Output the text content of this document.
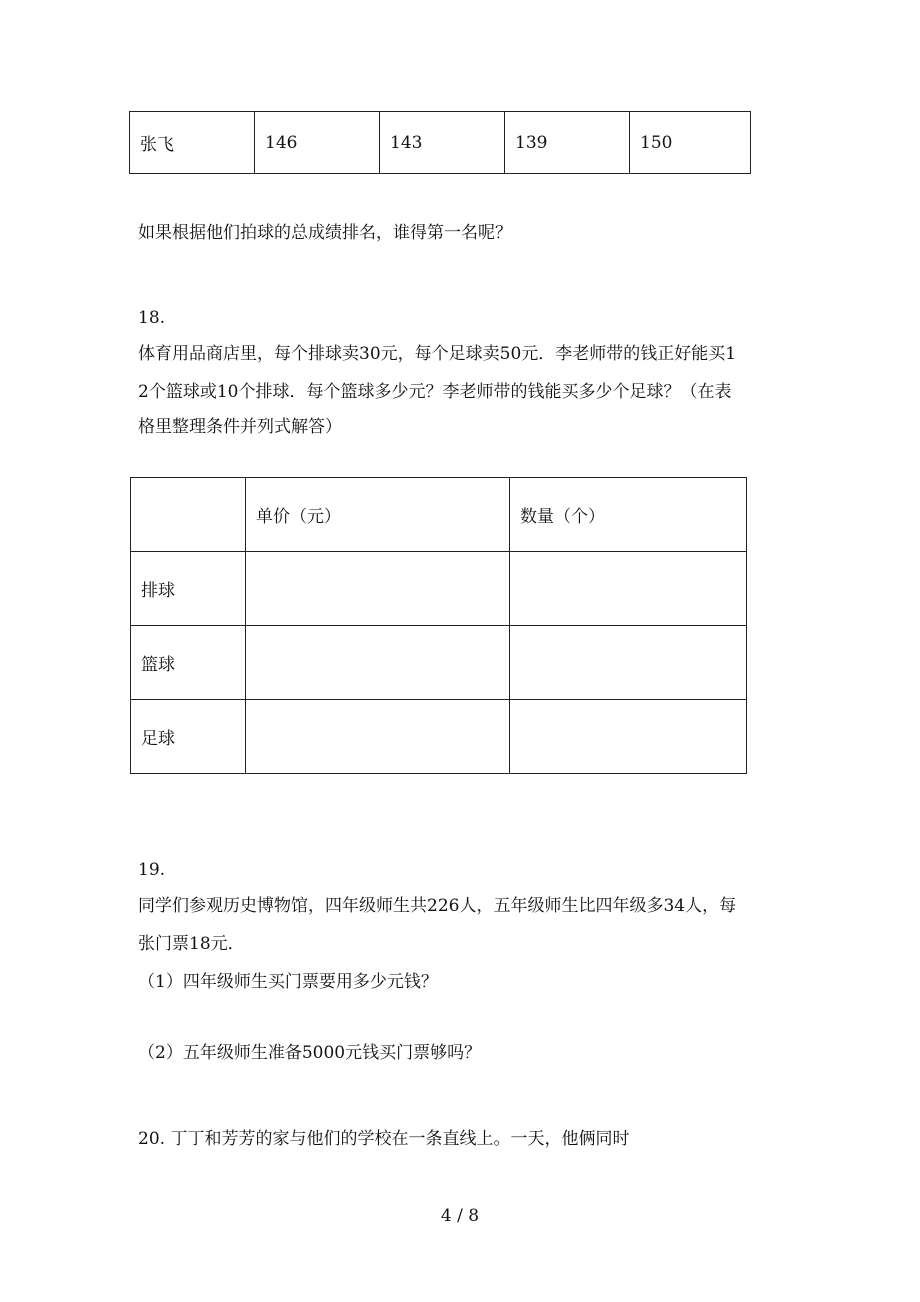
张飞	146	143	139	150
如果根据他们拍球的总成绩排名，谁得第一名呢？
18.
体育用品商店里，每个排球卖30元，每个足球卖50元．李老师带的钱正好能买1
2个篮球或10个排球．每个篮球多少元？李老师带的钱能买多少个足球？（在表
格里整理条件并列式解答）
	单价（元）	数量（个）
排球		
篮球		
足球		
19.
同学们参观历史博物馆，四年级师生共226人，五年级师生比四年级多34人，每
张门票18元．
（1）四年级师生买门票要用多少元钱？
（2）五年级师生准备5000元钱买门票够吗？
20. 丁丁和芳芳的家与他们的学校在一条直线上。一天，他俩同时
4 / 8
